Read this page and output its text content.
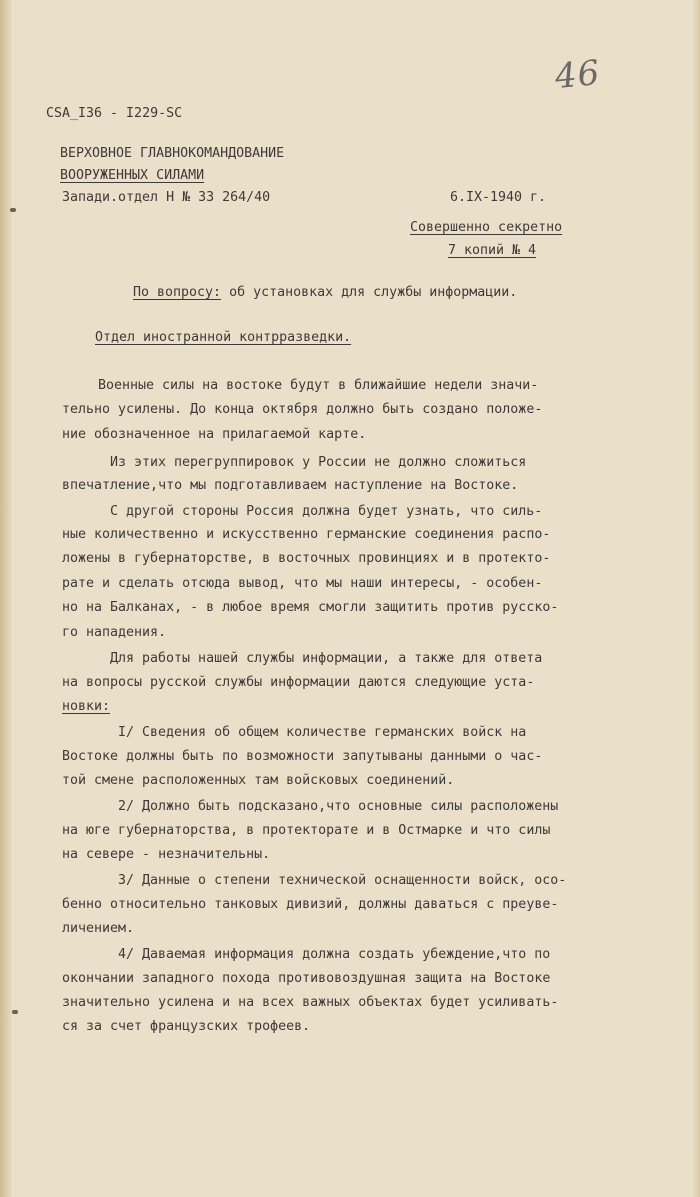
46
CSA_I36 - I229-SC
ВЕРХОВНОЕ ГЛАВНОКОМАНДОВАНИЕ
ВООРУЖЕННЫХ СИЛАМИ
Запади.отдел Н № 33 264/40	6.IX-1940 г.
Совершенно секретно
7 копий № 4
По вопросу: об установках для службы информации.
Отдел иностранной контрразведки.
Военные силы на востоке будут в ближайшие недели значи-
тельно усилены. До конца октября должно быть создано положе-
ние обозначенное на прилагаемой карте.
Из этих перегруппировок у России не должно сложиться
впечатление,что мы подготавливаем наступление на Востоке.
С другой стороны Россия должна будет узнать, что силь-
ные количественно и искусственно германские соединения распо-
ложены в губернаторстве, в восточных провинциях и в протекто-
рате и сделать отсюда вывод, что мы наши интересы, - особен-
но на Балканах, - в любое время смогли защитить против русско-
го нападения.
Для работы нашей службы информации, а также для ответа
на вопросы русской службы информации даются следующие уста-
новки:
I/ Сведения об общем количестве германских войск на
Востоке должны быть по возможности запутываны данными о час-
той смене расположенных там войсковых соединений.
2/ Должно быть подсказано,что основные силы расположены
на юге губернаторства, в протекторате и в Остмарке и что силы
на севере - незначительны.
3/ Данные о степени технической оснащенности войск, осо-
бенно относительно танковых дивизий, должны даваться с преуве-
личением.
4/ Даваемая информация должна создать убеждение,что по
окончании западного похода противовоздушная защита на Востоке
значительно усилена и на всех важных объектах будет усиливать-
ся за счет французских трофеев.
